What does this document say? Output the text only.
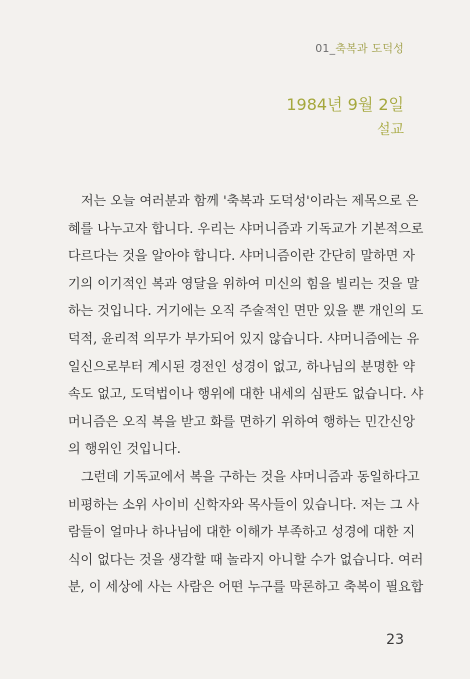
01_축복과 도덕성
1984년 9월 2일
설교

저는 오늘 여러분과 함께 '축복과 도덕성'이라는 제목으로 은
혜를 나누고자 합니다. 우리는 샤머니즘과 기독교가 기본적으로
다르다는 것을 알아야 합니다. 샤머니즘이란 간단히 말하면 자
기의 이기적인 복과 영달을 위하여 미신의 힘을 빌리는 것을 말
하는 것입니다. 거기에는 오직 주술적인 면만 있을 뿐 개인의 도
덕적, 윤리적 의무가 부가되어 있지 않습니다. 샤머니즘에는 유
일신으로부터 계시된 경전인 성경이 없고, 하나님의 분명한 약
속도 없고, 도덕법이나 행위에 대한 내세의 심판도 없습니다. 샤
머니즘은 오직 복을 받고 화를 면하기 위하여 행하는 민간신앙
의 행위인 것입니다.

그런데 기독교에서 복을 구하는 것을 샤머니즘과 동일하다고
비평하는 소위 사이비 신학자와 목사들이 있습니다. 저는 그 사
람들이 얼마나 하나님에 대한 이해가 부족하고 성경에 대한 지
식이 없다는 것을 생각할 때 놀라지 아니할 수가 없습니다. 여러
분, 이 세상에 사는 사람은 어떤 누구를 막론하고 축복이 필요합

23
